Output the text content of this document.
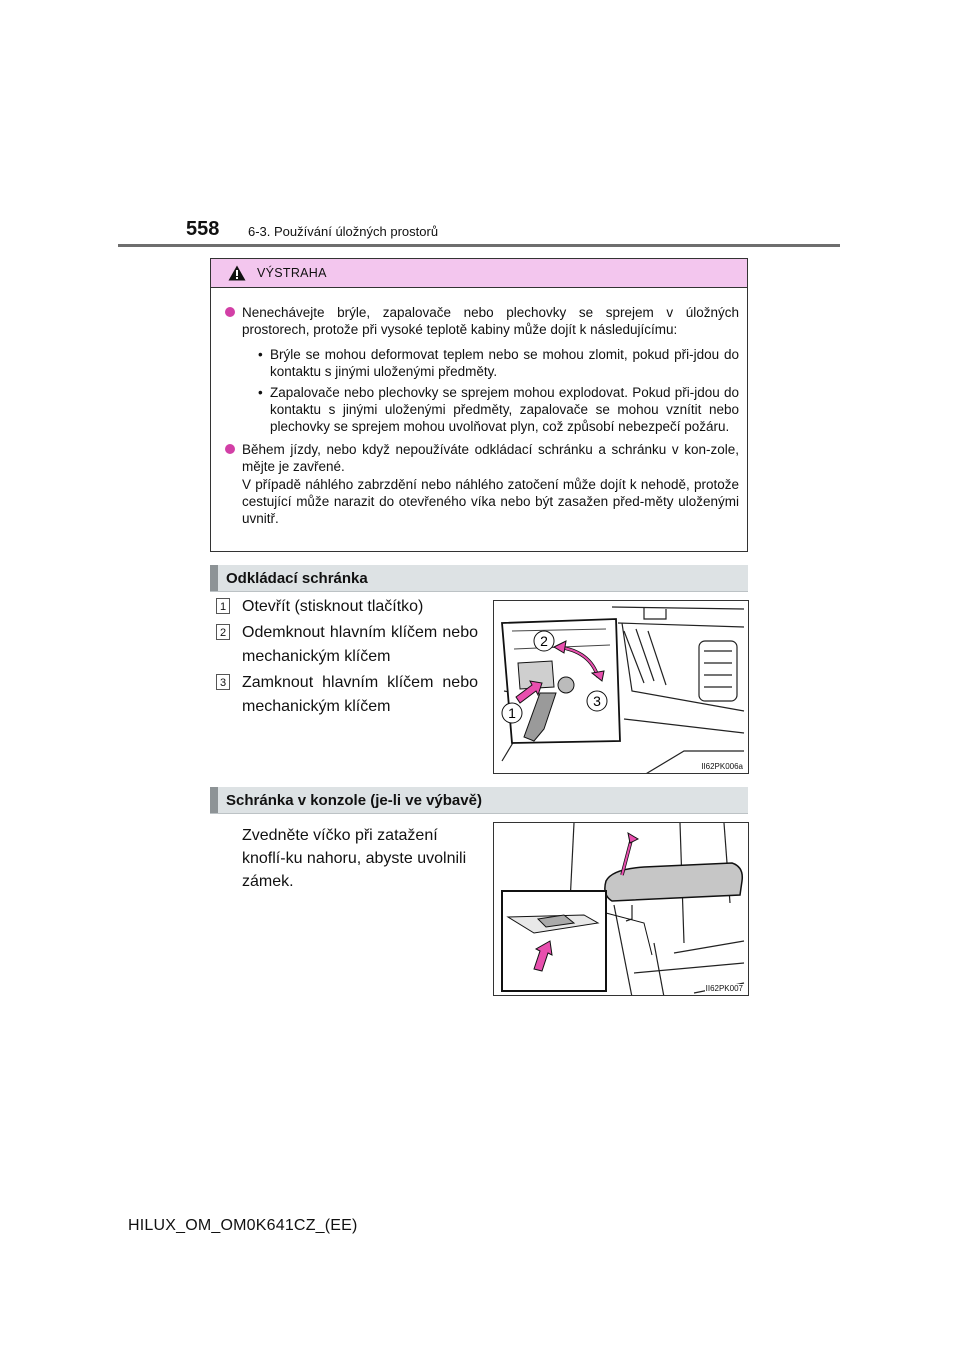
558 6-3. Používání úložných prostorů
VÝSTRAHA
Nenechávejte brýle, zapalovače nebo plechovky se sprejem v úložných prostorech, protože při vysoké teplotě kabiny může dojít k následujícímu:
• Brýle se mohou deformovat teplem nebo se mohou zlomit, pokud při-jdou do kontaktu s jinými uloženými předměty.
• Zapalovače nebo plechovky se sprejem mohou explodovat. Pokud při-jdou do kontaktu s jinými uloženými předměty, zapalovače se mohou vznítit nebo plechovky se sprejem mohou uvolňovat plyn, což způsobí nebezpečí požáru.
Během jízdy, nebo když nepoužíváte odkládací schránku a schránku v kon-zole, mějte je zavřené.
V případě náhlého zabrzdění nebo náhlého zatočení může dojít k nehodě, protože cestující může narazit do otevřeného víka nebo být zasažen před-měty uloženými uvnitř.
Odkládací schránka
1 Otevřít (stisknout tlačítko)
2 Odemknout hlavním klíčem nebo mechanickým klíčem
3 Zamknout hlavním klíčem nebo mechanickým klíčem
2
1
3
II62PK006a
Schránka v konzole (je-li ve výbavě)
Zvedněte víčko při zatažení knoflí-ku nahoru, abyste uvolnili zámek.
II62PK007
HILUX_OM_OM0K641CZ_(EE)
